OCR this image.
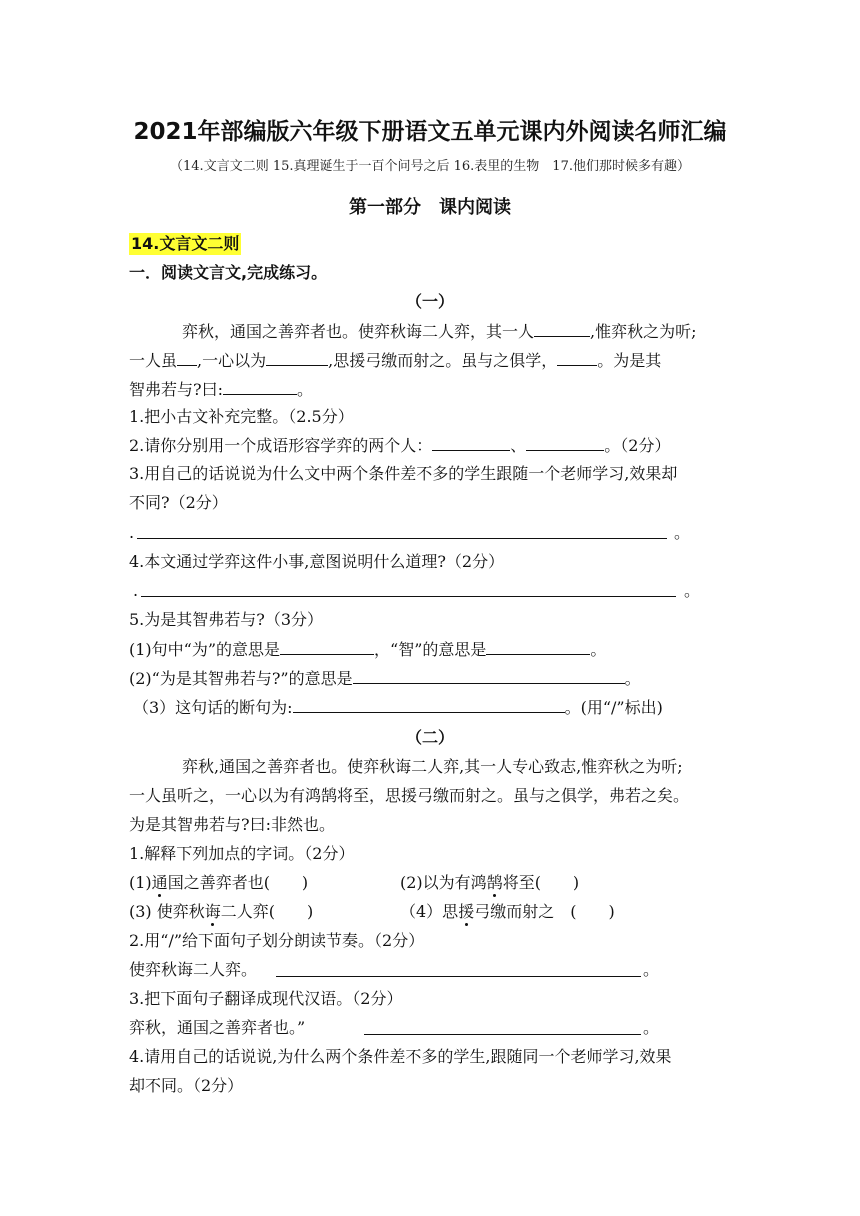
2021年部编版六年级下册语文五单元课内外阅读名师汇编
（14.文言文二则 15.真理诞生于一百个问号之后 16.表里的生物　17.他们那时候多有趣）
第一部分　课内阅读
14.文言文二则
一．阅读文言文,完成练习。
（一）
弈秋，通国之善弈者也。使弈秋诲二人弈，其一人	,惟弈秋之为听;
一人虽 ,一心以为	,思援弓缴而射之。虽与之俱学，	。为是其
智弗若与?曰:	。
1.把小古文补充完整。（2.5分）
2.请你分别用一个成语形容学弈的两个人：	、	。（2分）
3.用自己的话说说为什么文中两个条件差不多的学生跟随一个老师学习,效果却
不同?（2分）
.	。
4.本文通过学弈这件小事,意图说明什么道理?（2分）
.	。
5.为是其智弗若与?（3分）
(1)句中“为”的意思是	，“智”的意思是	。
(2)“为是其智弗若与?”的意思是	。
（3）这句话的断句为:	。(用“/”标出)
（二）
弈秋,通国之善弈者也。使弈秋诲二人弈,其一人专心致志,惟弈秋之为听;
一人虽听之，一心以为有鸿鹄将至，思援弓缴而射之。虽与之俱学，弗若之矣。
为是其智弗若与?曰:非然也。
1.解释下列加点的字词。（2分）
(1)通国之善弈者也(　　)	(2)以为有鸿鹄将至(　　)
(3) 使弈秋诲二人弈(　　)	（4）思援弓缴而射之　(　　)
2.用“/”给下面句子划分朗读节奏。（2分）
使弈秋诲二人弈。	。
3.把下面句子翻译成现代汉语。（2分）
弈秋，通国之善弈者也。”	。
4.请用自己的话说说,为什么两个条件差不多的学生,跟随同一个老师学习,效果
却不同。（2分）
